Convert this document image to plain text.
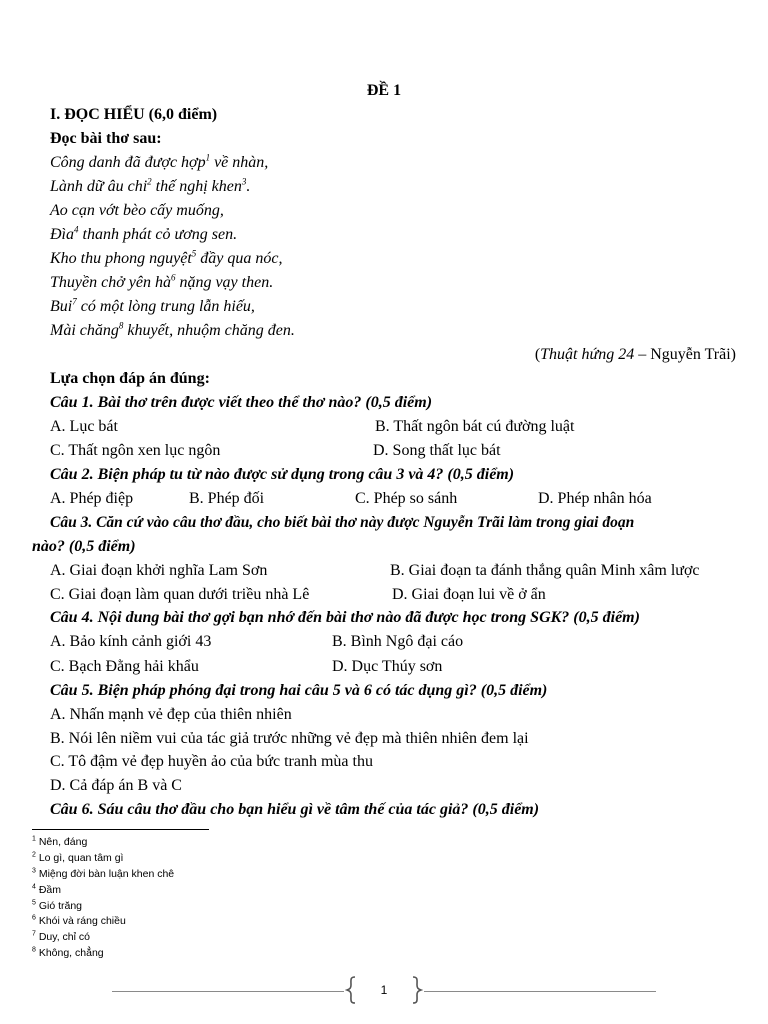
ĐỀ 1
I. ĐỌC HIỂU (6,0 điểm)
Đọc bài thơ sau:
Công danh đã được hợp$^1$ về nhàn,
Lành dữ âu chi$^2$ thế nghị khen$^3$.
Ao cạn vớt bèo cấy muống,
Đìa$^4$ thanh phát cỏ ương sen.
Kho thu phong nguyệt$^5$ đầy qua nóc,
Thuyền chở yên $hà^6$ nặng vạy then.
Bui$^7$ có một lòng trung lẫn hiếu,
Mài chăng$^8$ khuyết, nhuộm chăng đen.
(Thuật hứng 24 – Nguyễn Trãi)
Lựa chọn đáp án đúng:
Câu 1. Bài thơ trên được viết theo thể thơ nào? (0,5 điểm)
A. Lục bát	B. Thất ngôn bát cú đường luật
C. Thất ngôn xen lục ngôn	D. Song thất lục bát
Câu 2. Biện pháp tu từ nào được sử dụng trong câu 3 và 4? (0,5 điểm)
A. Phép điệp	B. Phép đối	C. Phép so sánh	D. Phép nhân hóa
Câu 3. Căn cứ vào câu thơ đầu, cho biết bài thơ này được Nguyễn Trãi làm trong giai đoạn
nào? (0,5 điểm)
A. Giai đoạn khởi nghĩa Lam Sơn	B. Giai đoạn ta đánh thắng quân Minh xâm lược
C. Giai đoạn làm quan dưới triều nhà Lê	D. Giai đoạn lui về ở ẩn
Câu 4. Nội dung bài thơ gợi bạn nhớ đến bài thơ nào đã được học trong SGK? (0,5 điểm)
A. Bảo kính cảnh giới 43	B. Bình Ngô đại cáo
C. Bạch Đằng hải khẩu	D. Dục Thúy sơn
Câu 5. Biện pháp phóng đại trong hai câu 5 và 6 có tác dụng gì? (0,5 điểm)
A. Nhấn mạnh vẻ đẹp của thiên nhiên
B. Nói lên niềm vui của tác giả trước những vẻ đẹp mà thiên nhiên đem lại
C. Tô đậm vẻ đẹp huyền ảo của bức tranh mùa thu
D. Cả đáp án B và C
Câu 6. Sáu câu thơ đầu cho bạn hiểu gì về tâm thế của tác giả? (0,5 điểm)
$^1$ Nên, đáng
$^2$ Lo gì, quan tâm gì
$^3$ Miệng đời bàn luận khen chê
$^4$ Đầm
$^5$ Gió trăng
$^6$ Khói và ráng chiều
$^7$ Duy, chỉ có
$^8$ Không, chẳng
1
